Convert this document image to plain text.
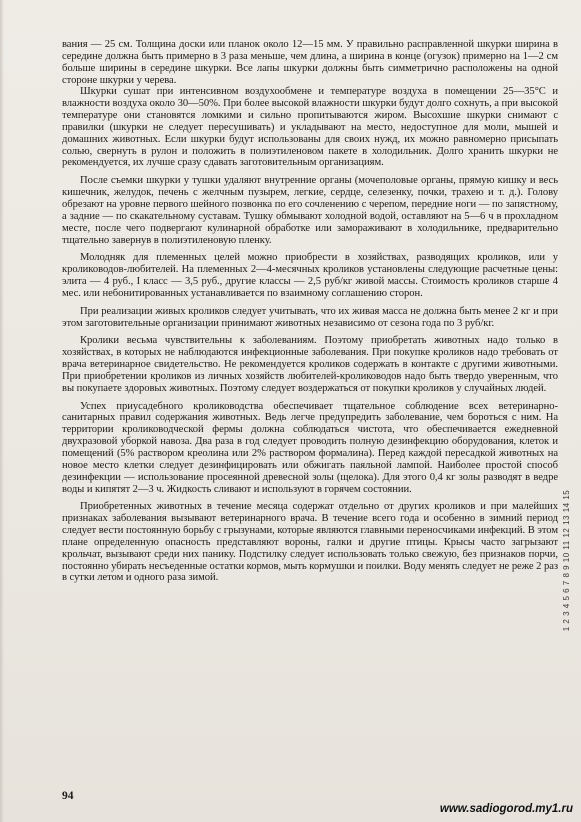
вания — 25 см. Толщина доски или планок около 12—15 мм. У правильно расправленной шкурки ширина в середине должна быть примерно в 3 раза меньше, чем длина, а ширина в конце (огузок) примерно на 1—2 см больше ширины в середине шкурки. Все лапы шкурки должны быть симметрично расположены на одной стороне шкурки у черева.

Шкурки сушат при интенсивном воздухообмене и температуре воздуха в помещении 25—35°С и влажности воздуха около 30—50%. При более высокой влажности шкурки будут долго сохнуть, а при высокой температуре они становятся ломкими и сильно пропитываются жиром. Высохшие шкурки снимают с правилки (шкурки не следует пересушивать) и укладывают на место, недоступное для моли, мышей и домашних животных. Если шкурки будут использованы для своих нужд, их можно равномерно присыпать солью, свернуть в рулон и положить в полиэтиленовом пакете в холодильник. Долго хранить шкурки не рекомендуется, их лучше сразу сдавать заготовительным организациям.

После съемки шкурки у тушки удаляют внутренние органы (мочеполовые органы, прямую кишку и весь кишечник, желудок, печень с желчным пузырем, легкие, сердце, селезенку, почки, трахею и т. д.). Голову обрезают на уровне первого шейного позвонка по его сочленению с черепом, передние ноги — по запястному, а задние — по скакательному суставам. Тушку обмывают холодной водой, оставляют на 5—6 ч в прохладном месте, после чего подвергают кулинарной обработке или замораживают в холодильнике, предварительно тщательно завернув в полиэтиленовую пленку.

Молодняк для племенных целей можно приобрести в хозяйствах, разводящих кроликов, или у кролиководов-любителей. На племенных 2—4-месячных кроликов установлены следующие расчетные цены: элита — 4 руб., I класс — 3,5 руб., другие классы — 2,5 руб/кг живой массы. Стоимость кроликов старше 4 мес. или небонитированных устанавливается по взаимному соглашению сторон.

При реализации живых кроликов следует учитывать, что их живая масса не должна быть менее 2 кг и при этом заготовительные организации принимают животных независимо от сезона года по 3 руб/кг.

Кролики весьма чувствительны к заболеваниям. Поэтому приобретать животных надо только в хозяйствах, в которых не наблюдаются инфекционные заболевания. При покупке кроликов надо требовать от врача ветеринарное свидетельство. Не рекомендуется кроликов содержать в контакте с другими животными. При приобретении кроликов из личных хозяйств любителей-кролиководов надо быть твердо уверенным, что вы покупаете здоровых животных. Поэтому следует воздержаться от покупки кроликов у случайных людей.

Успех приусадебного кролиководства обеспечивает тщательное соблюдение всех ветеринарно-санитарных правил содержания животных. Ведь легче предупредить заболевание, чем бороться с ним. На территории кролиководческой фермы должна соблюдаться чистота, что обеспечивается ежедневной двухразовой уборкой навоза. Два раза в год следует проводить полную дезинфекцию оборудования, клеток и помещений (5% раствором креолина или 2% раствором формалина). Перед каждой пересадкой животных на новое место клетки следует дезинфицировать или обжигать паяльной лампой. Наиболее простой способ дезинфекции — использование просеянной древесной золы (щелока). Для этого 0,4 кг золы разводят в ведре воды и кипятят 2—3 ч. Жидкость сливают и используют в горячем состоянии.

Приобретенных животных в течение месяца содержат отдельно от других кроликов и при малейших признаках заболевания вызывают ветеринарного врача. В течение всего года и особенно в зимний период следует вести постоянную борьбу с грызунами, которые являются главными переносчиками инфекций. В этом плане определенную опасность представляют вороны, галки и другие птицы. Крысы часто загрызают крольчат, вызывают среди них панику. Подстилку следует использовать только свежую, без признаков порчи, постоянно убирать несъеденные остатки кормов, мыть кормушки и поилки. Воду менять следует не реже 2 раз в сутки летом и одного раза зимой.

94
1 2 3 4 5 6 7 8 9 10 11 12 13 14 15
www.sadiogorod.my1.ru
